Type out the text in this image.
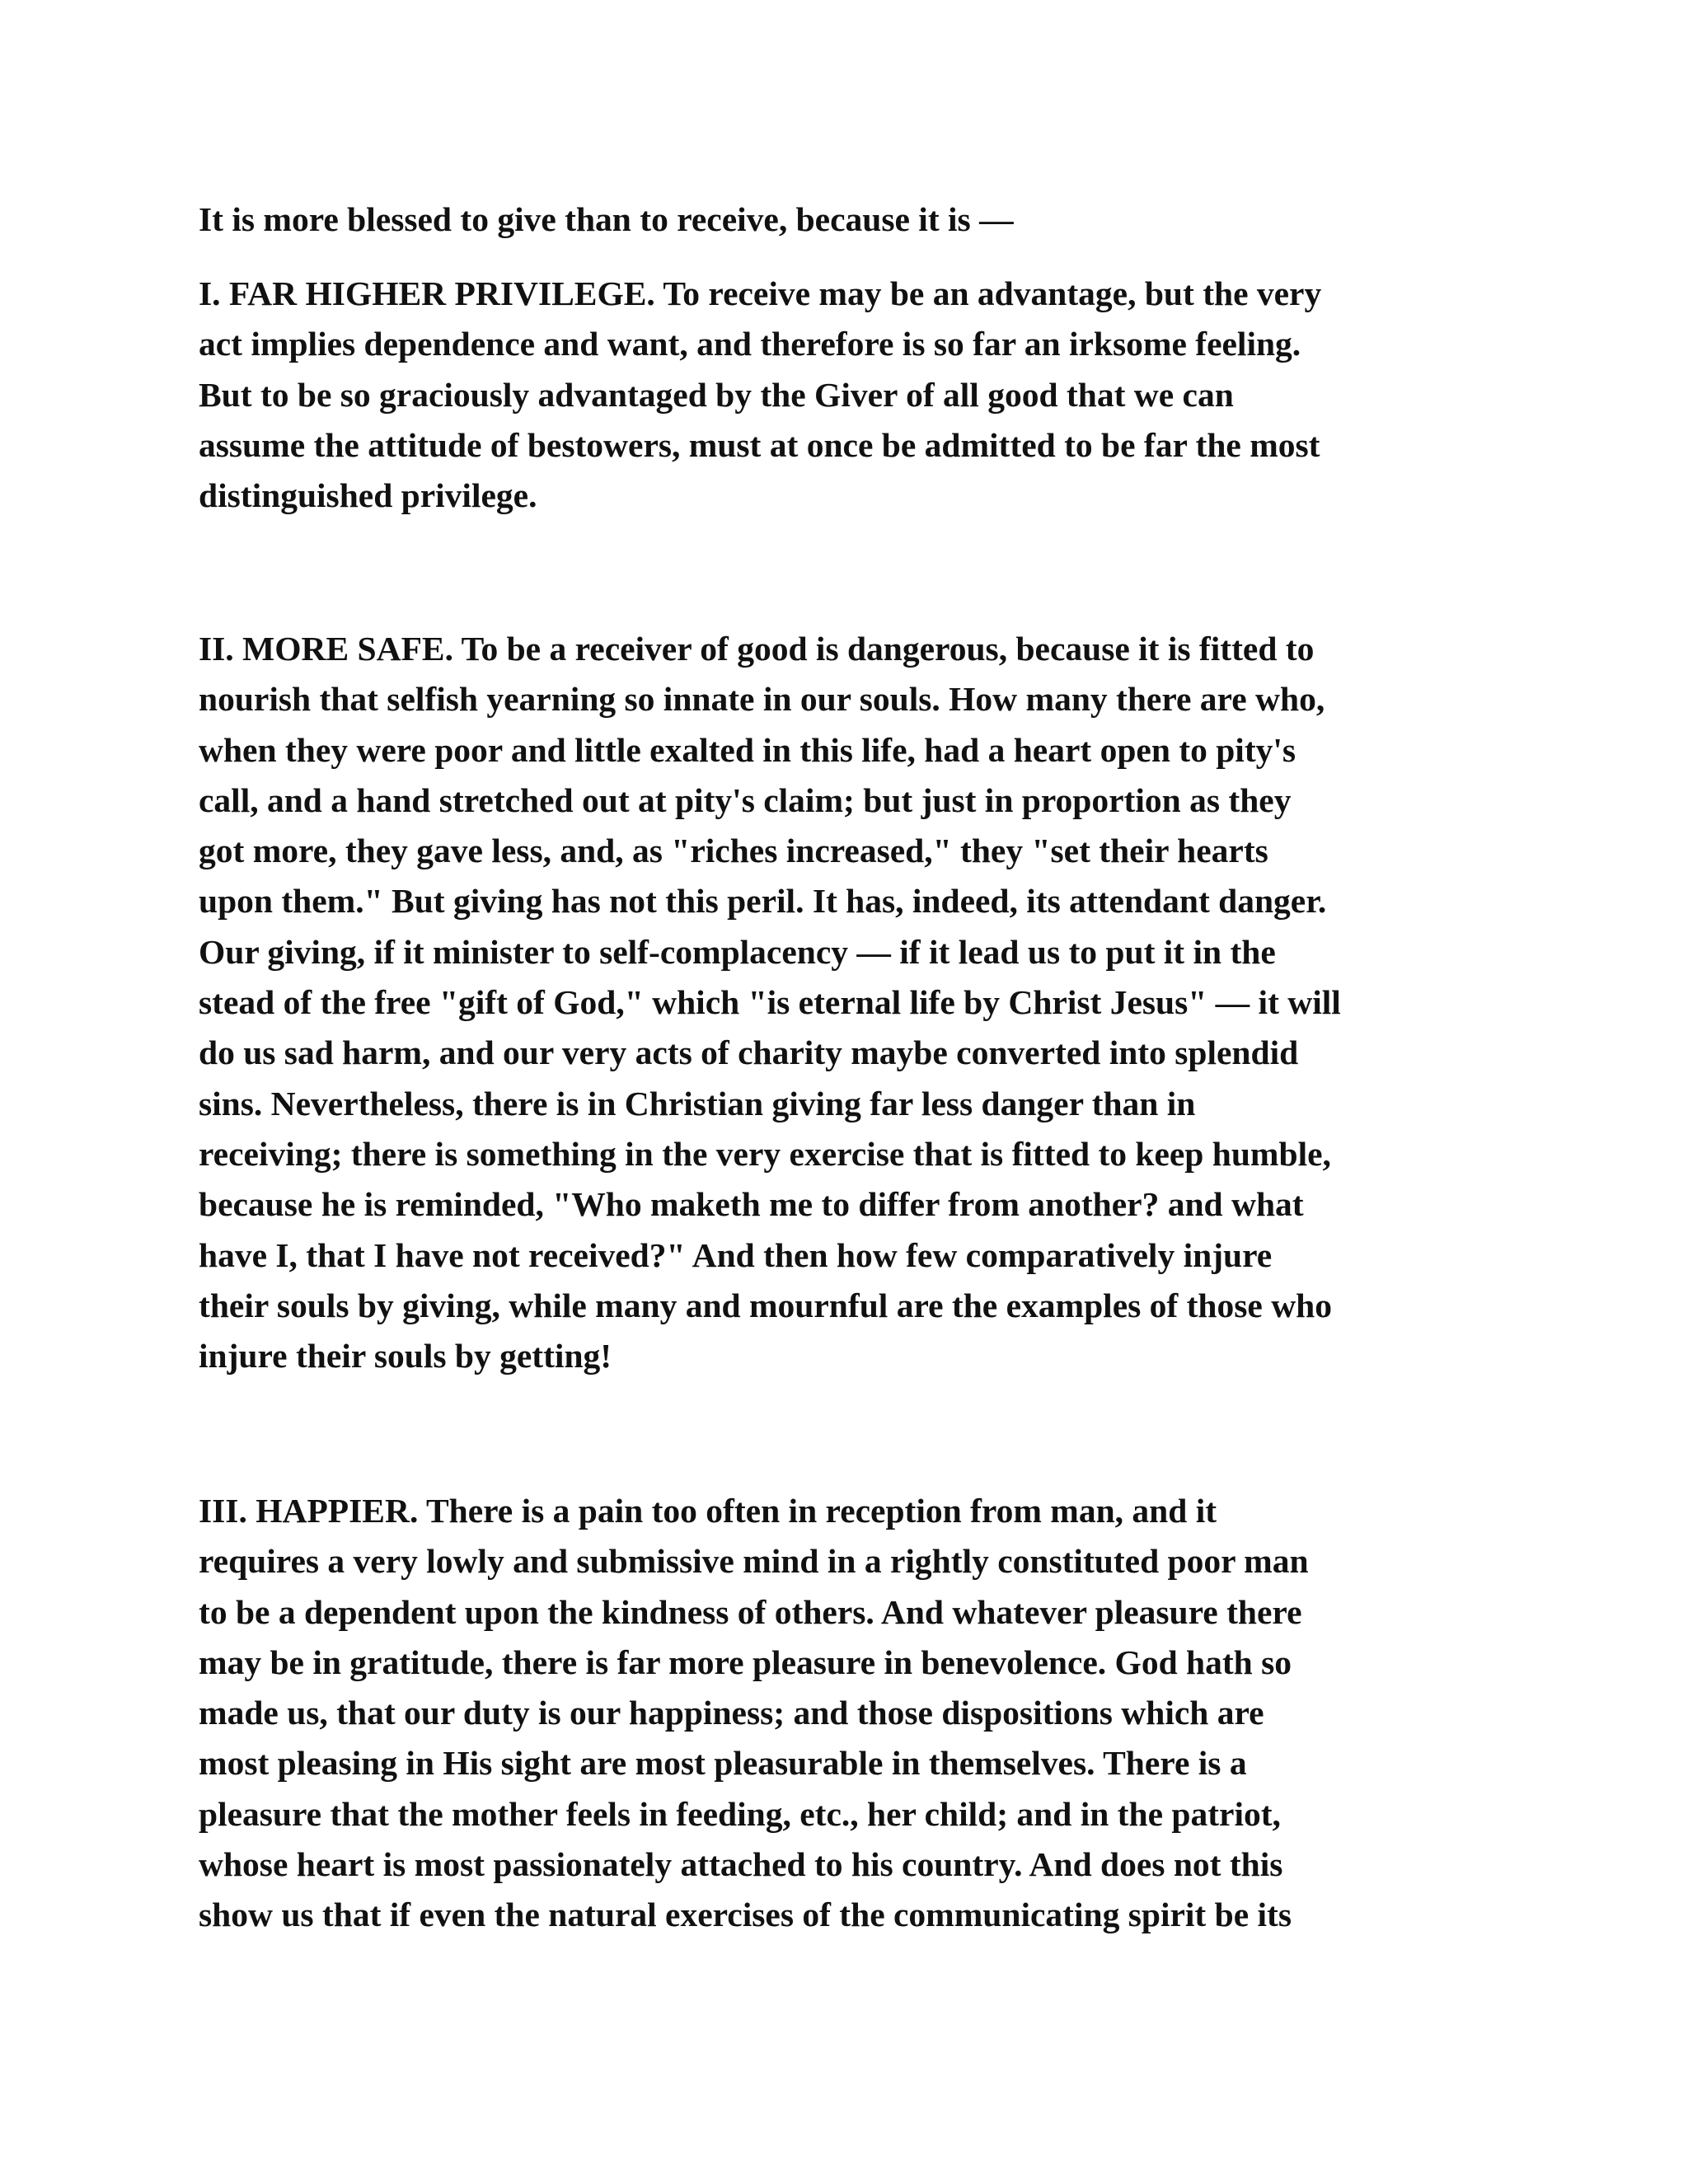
It is more blessed to give than to receive, because it is —

I. FAR HIGHER PRIVILEGE. To receive may be an advantage, but the very
act implies dependence and want, and therefore is so far an irksome feeling.
But to be so graciously advantaged by the Giver of all good that we can
assume the attitude of bestowers, must at once be admitted to be far the most
distinguished privilege.

II. MORE SAFE. To be a receiver of good is dangerous, because it is fitted to
nourish that selfish yearning so innate in our souls. How many there are who,
when they were poor and little exalted in this life, had a heart open to pity's
call, and a hand stretched out at pity's claim; but just in proportion as they
got more, they gave less, and, as "riches increased," they "set their hearts
upon them." But giving has not this peril. It has, indeed, its attendant danger.
Our giving, if it minister to self-complacency — if it lead us to put it in the
stead of the free "gift of God," which "is eternal life by Christ Jesus" — it will
do us sad harm, and our very acts of charity maybe converted into splendid
sins. Nevertheless, there is in Christian giving far less danger than in
receiving; there is something in the very exercise that is fitted to keep humble,
because he is reminded, "Who maketh me to differ from another? and what
have I, that I have not received?" And then how few comparatively injure
their souls by giving, while many and mournful are the examples of those who
injure their souls by getting!

III. HAPPIER. There is a pain too often in reception from man, and it
requires a very lowly and submissive mind in a rightly constituted poor man
to be a dependent upon the kindness of others. And whatever pleasure there
may be in gratitude, there is far more pleasure in benevolence. God hath so
made us, that our duty is our happiness; and those dispositions which are
most pleasing in His sight are most pleasurable in themselves. There is a
pleasure that the mother feels in feeding, etc., her child; and in the patriot,
whose heart is most passionately attached to his country. And does not this
show us that if even the natural exercises of the communicating spirit be its
